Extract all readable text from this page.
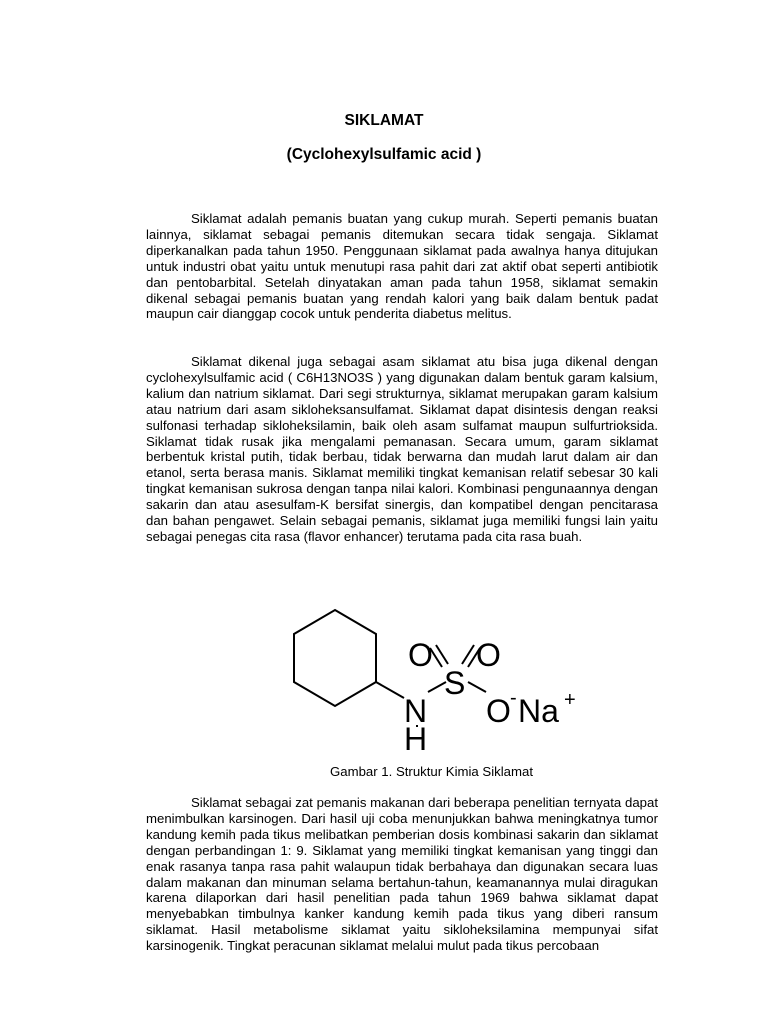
SIKLAMAT
(Cyclohexylsulfamic acid )

Siklamat adalah pemanis buatan yang cukup murah. Seperti pemanis buatan lainnya, siklamat sebagai pemanis ditemukan secara tidak sengaja. Siklamat diperkanalkan pada tahun 1950. Penggunaan siklamat pada awalnya hanya ditujukan untuk industri obat yaitu untuk menutupi rasa pahit dari zat aktif obat seperti antibiotik dan pentobarbital. Setelah dinyatakan aman pada tahun 1958, siklamat semakin dikenal sebagai pemanis buatan yang rendah kalori yang baik dalam bentuk padat maupun cair dianggap cocok untuk penderita diabetus melitus.

Siklamat dikenal juga sebagai asam siklamat atu bisa juga dikenal dengan cyclohexylsulfamic acid ( C6H13NO3S ) yang digunakan dalam bentuk garam kalsium, kalium dan natrium siklamat. Dari segi strukturnya, siklamat merupakan garam kalsium atau natrium dari asam sikloheksansulfamat. Siklamat dapat disintesis dengan reaksi sulfonasi terhadap sikloheksilamin, baik oleh asam sulfamat maupun sulfurtrioksida. Siklamat tidak rusak jika mengalami pemanasan. Secara umum, garam siklamat berbentuk kristal putih, tidak berbau, tidak berwarna dan mudah larut dalam air dan etanol, serta berasa manis. Siklamat memiliki tingkat kemanisan relatif sebesar 30 kali tingkat kemanisan sukrosa dengan tanpa nilai kalori. Kombinasi pengunaannya dengan sakarin dan atau asesulfam-K bersifat sinergis, dan kompatibel dengan pencitarasa dan bahan pengawet. Selain sebagai pemanis, siklamat juga memiliki fungsi lain yaitu sebagai penegas cita rasa (flavor enhancer) terutama pada cita rasa buah.

O O
S
N
H
O - Na +

Gambar 1. Struktur Kimia Siklamat

Siklamat sebagai zat pemanis makanan dari beberapa penelitian ternyata dapat menimbulkan karsinogen. Dari hasil uji coba menunjukkan bahwa meningkatnya tumor kandung kemih pada tikus melibatkan pemberian dosis kombinasi sakarin dan siklamat dengan perbandingan 1: 9. Siklamat yang memiliki tingkat kemanisan yang tinggi dan enak rasanya tanpa rasa pahit walaupun tidak berbahaya dan digunakan secara luas dalam makanan dan minuman selama bertahun-tahun, keamanannya mulai diragukan karena dilaporkan dari hasil penelitian pada tahun 1969 bahwa siklamat dapat menyebabkan timbulnya kanker kandung kemih pada tikus yang diberi ransum siklamat. Hasil metabolisme siklamat yaitu sikloheksilamina mempunyai sifat karsinogenik. Tingkat peracunan siklamat melalui mulut pada tikus percobaan
